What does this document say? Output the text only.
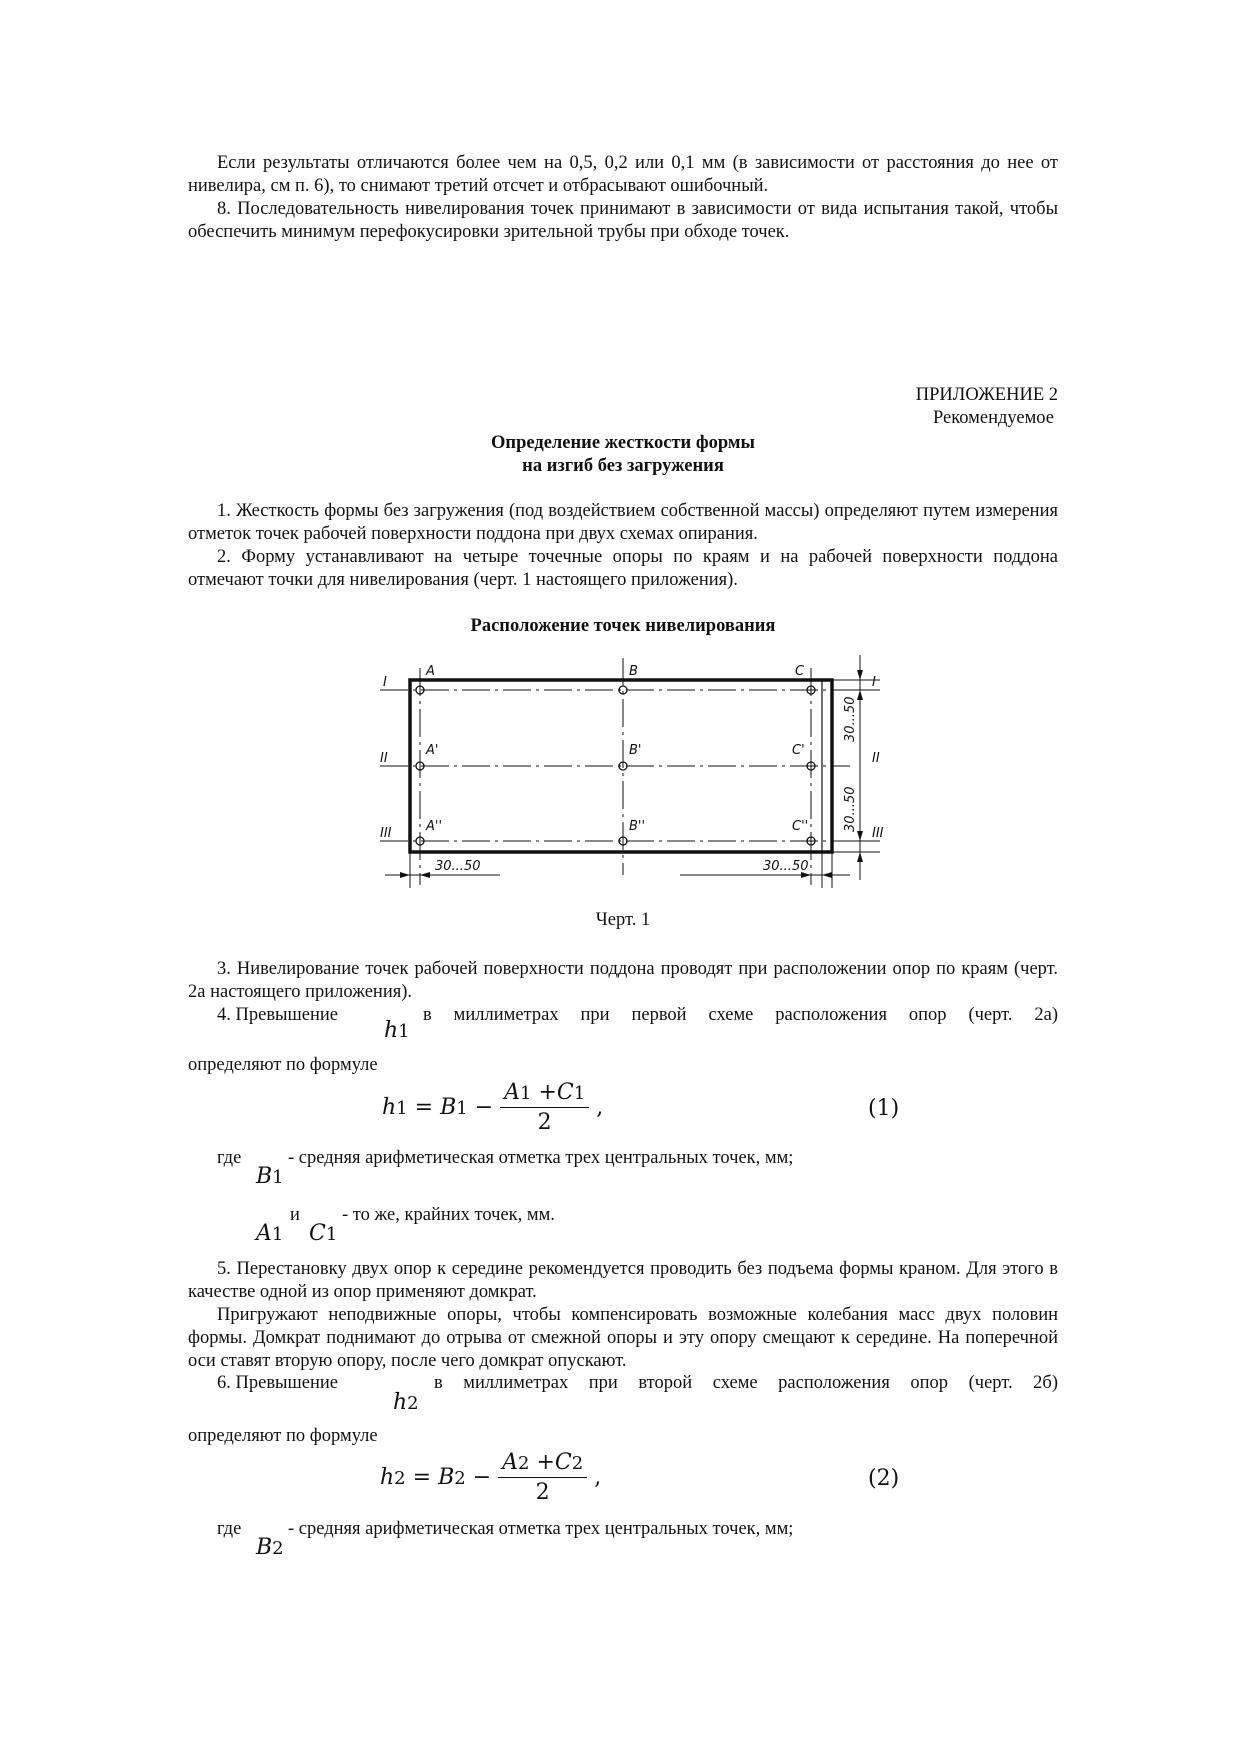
Если результаты отличаются более чем на 0,5, 0,2 или 0,1 мм (в зависимости от расстояния до нее от нивелира, см п. 6), то снимают третий отсчет и отбрасывают ошибочный.

8. Последовательность нивелирования точек принимают в зависимости от вида испытания такой, чтобы обеспечить минимум перефокусировки зрительной трубы при обходе точек.

ПРИЛОЖЕНИЕ 2
Рекомендуемое
Определение жесткости формы
на изгиб без загружения

1. Жесткость формы без загружения (под воздействием собственной массы) определяют путем измерения отметок точек рабочей поверхности поддона при двух схемах опирания.

2. Форму устанавливают на четыре точечные опоры по краям и на рабочей поверхности поддона отмечают точки для нивелирования (черт. 1 настоящего приложения).

Расположение точек нивелирования
I
II
III
I
II
III
A	B	C
A'	B'	C'
A''	B''	C''
30...50	30...50
30...50
30...50
Черт. 1

3. Нивелирование точек рабочей поверхности поддона проводят при расположении опор по краям (черт. 2а настоящего приложения).

4. Превышение	в миллиметрах при первой схеме расположения опор (черт. 2а)
h1
определяют по формуле
$h1 = B1 - \frac{A1 +C1}{2}$ ,	(1)
где	- средняя арифметическая отметка трех центральных точек, мм;
B1
и - то же, крайних точек, мм.
A1 C1

5. Перестановку двух опор к середине рекомендуется проводить без подъема формы краном. Для этого в качестве одной из опор применяют домкрат.

Пригружают неподвижные опоры, чтобы компенсировать возможные колебания масс двух половин формы. Домкрат поднимают до отрыва от смежной опоры и эту опору смещают к середине. На поперечной оси ставят вторую опору, после чего домкрат опускают.

6. Превышение	в миллиметрах при второй схеме расположения опор (черт. 2б)
h2
определяют по формуле
$h2 = B2 - \frac{A2 +C2}{2}$ ,	(2)
где	- средняя арифметическая отметка трех центральных точек, мм;
B2
